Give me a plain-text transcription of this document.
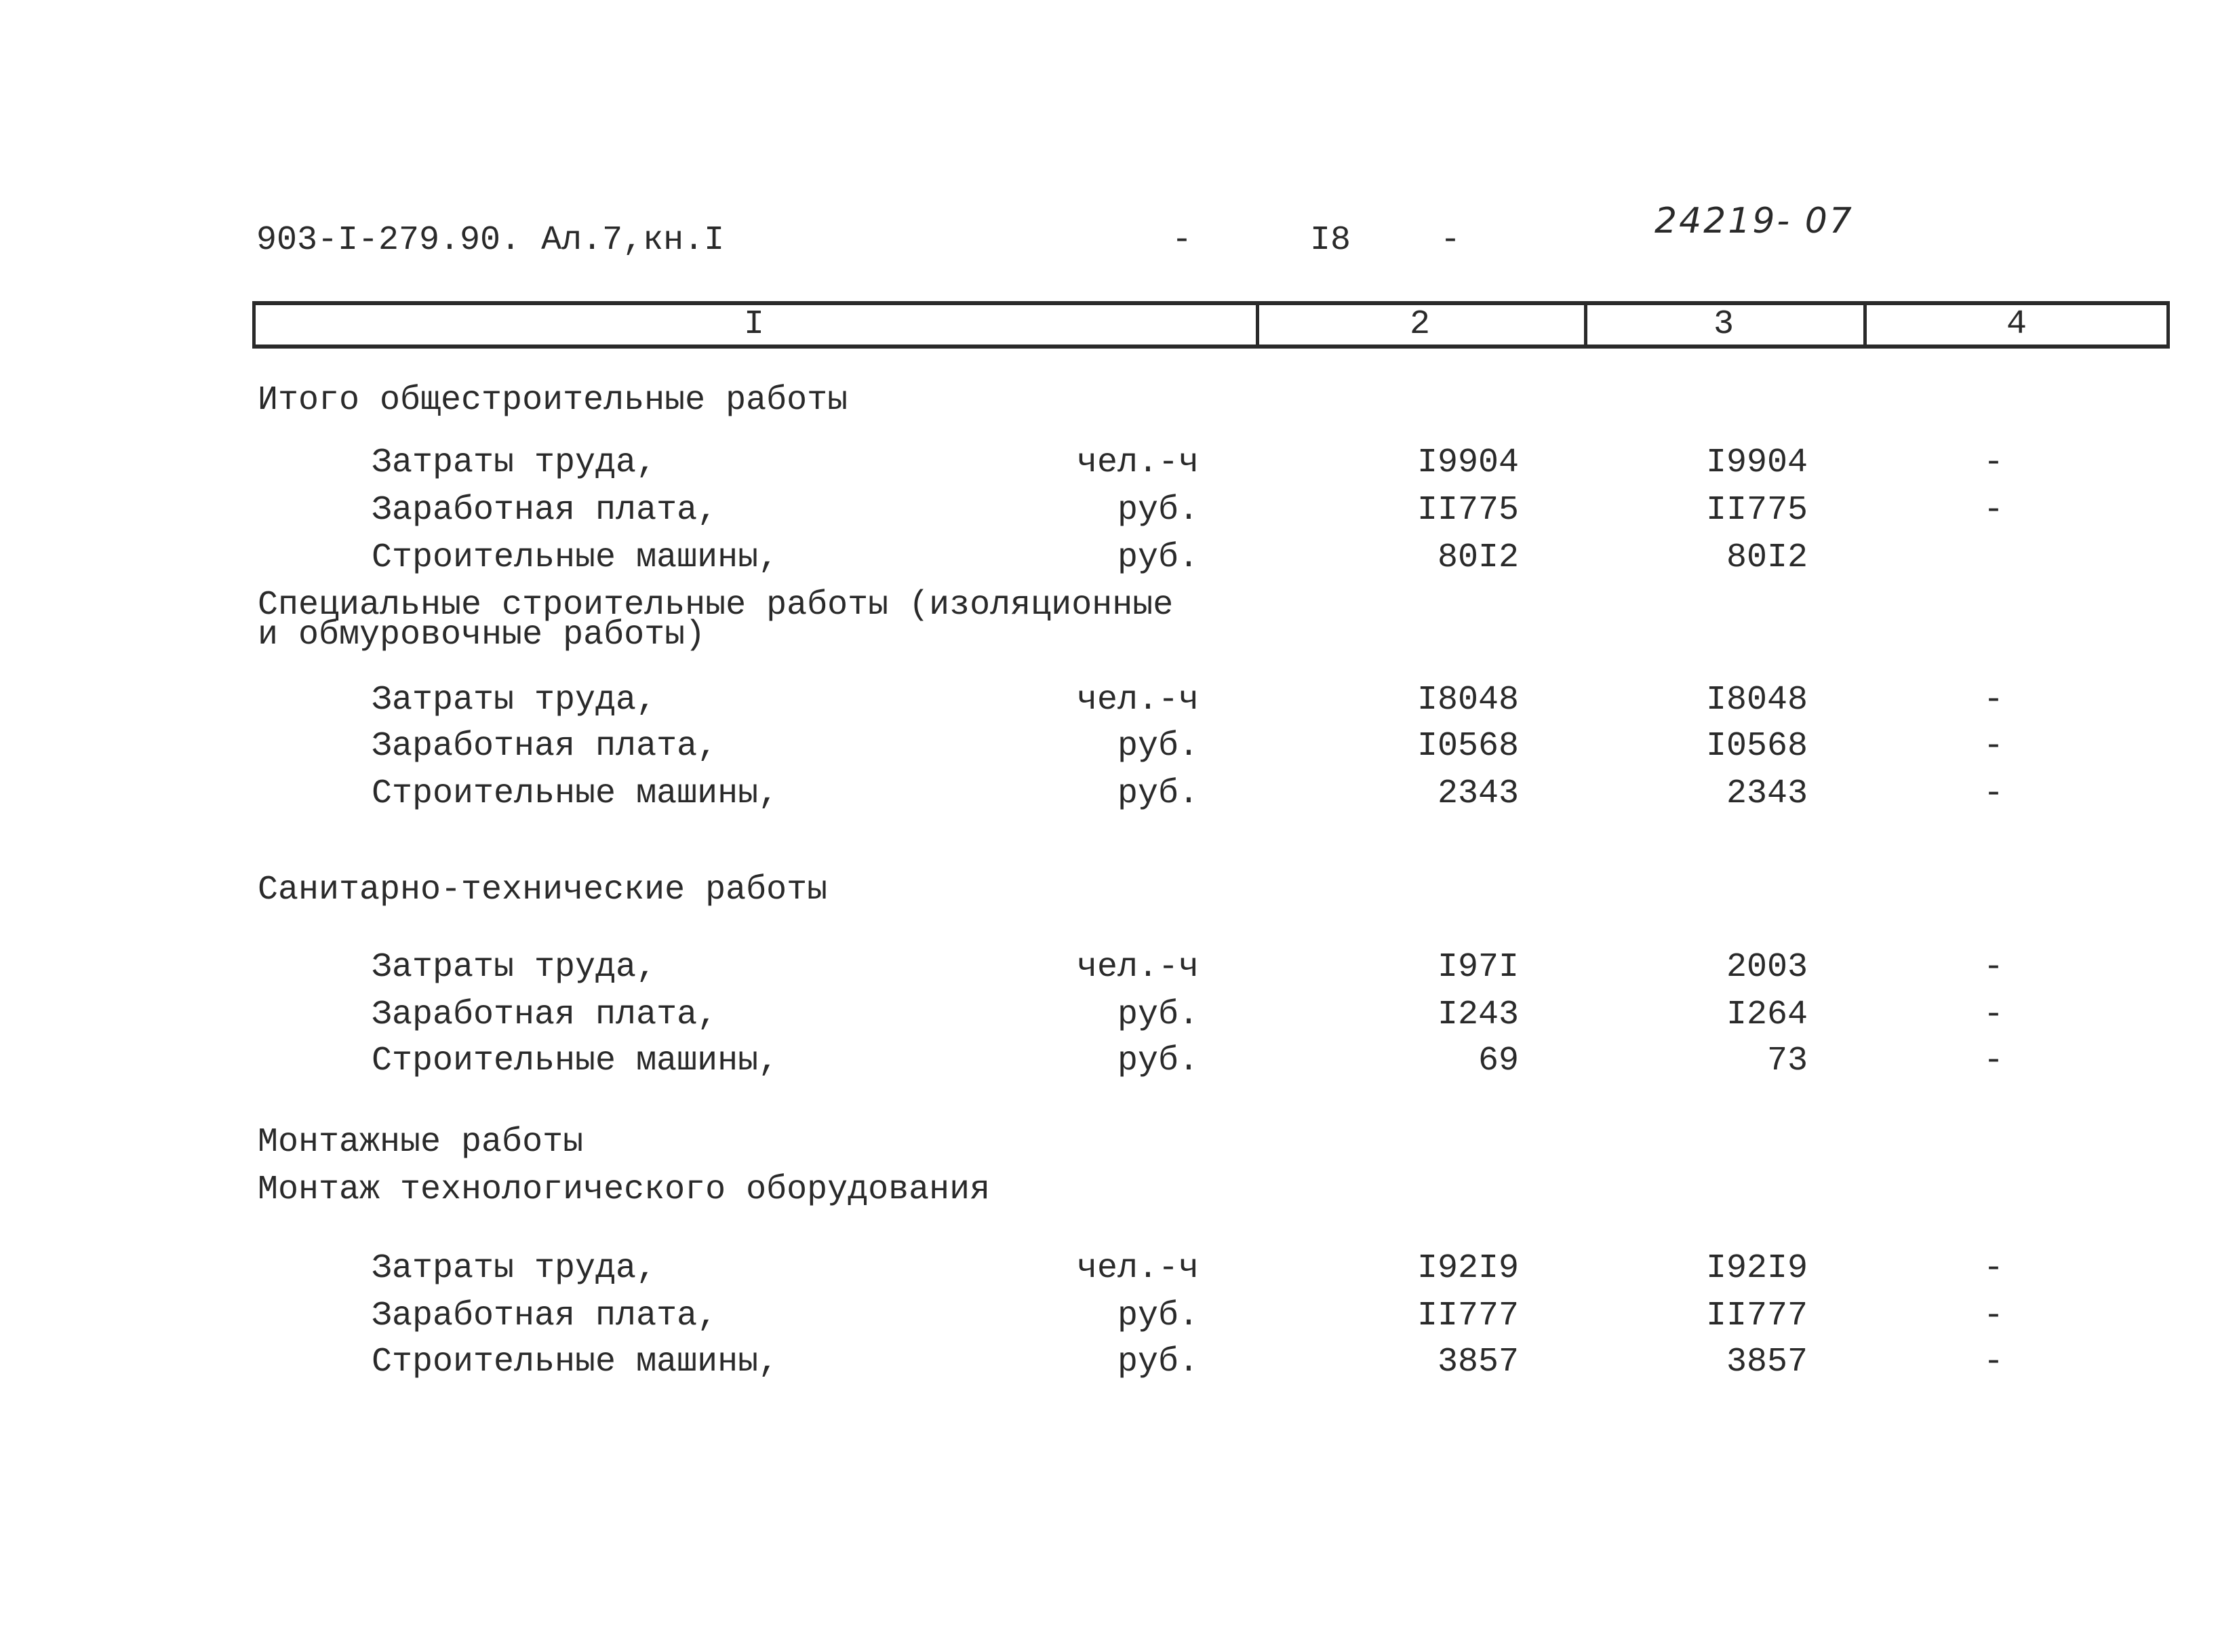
903-I-279.90. Ал.7,кн.I	-	I8	-	24219- 07
I	2	3	4
Итого общестроительные работы
Затраты труда,	чел.-ч	I9904	I9904	-
Заработная плата,	руб.	II775	II775	-
Строительные машины,	руб.	80I2	80I2
Специальные строительные работы (изоляционные
и обмуровочные работы)
Затраты труда,	чел.-ч	I8048	I8048	-
Заработная плата,	руб.	I0568	I0568	-
Строительные машины,	руб.	2343	2343	-
Санитарно-технические работы
Затраты труда,	чел.-ч	I97I	2003	-
Заработная плата,	руб.	I243	I264	-
Строительные машины,	руб.	69	73	-
Монтажные работы
Монтаж технологического оборудования
Затраты труда,	чел.-ч	I92I9	I92I9	-
Заработная плата,	руб.	II777	II777	-
Строительные машины,	руб.	3857	3857	-
